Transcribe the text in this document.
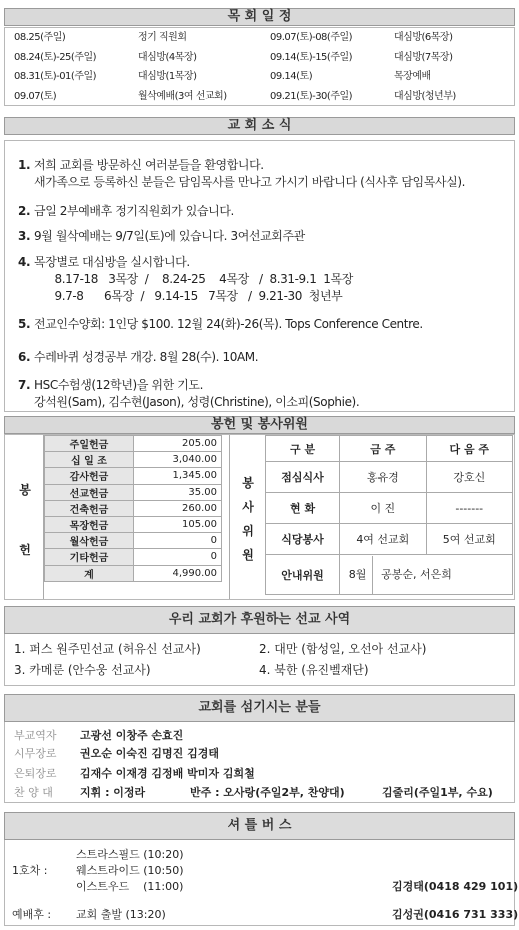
목 회 일 정
08.25(주일)	정기 직원회	09.07(토)-08(주일)	대심방(6목장)
08.24(토)-25(주일)	대심방(4목장)	09.14(토)-15(주일)	대심방(7목장)
08.31(토)-01(주일)	대심방(1목장)	09.14(토)	목장예배
09.07(토)	월삭예배(3여 선교회)	09.21(토)-30(주일)	대심방(청년부)
교 회 소 식
1. 저희 교회를 방문하신 여러분들을 환영합니다.
새가족으로 등록하신 분들은 담임목사를 만나고 가시기 바랍니다 (식사후 담임목사실).
2. 금일 2부예배후 정기직원회가 있습니다.
3. 9월 월삭예배는 9/7일(토)에 있습니다. 3여선교회주관
4. 목장별로 대심방을 실시합니다.
8.17-18   3목장  /    8.24-25    4목장   /  8.31-9.1  1목장
9.7-8      6목장  /   9.14-15   7목장   /  9.21-30  청년부
5. 전교인수양회: 1인당 $100. 12월 24(화)-26(목). Tops Conference Centre.
6. 수레바퀴 성경공부 개강. 8월 28(수). 10AM.
7. HSC수험생(12학년)을 위한 기도.
강석원(Sam), 김수현(Jason), 성령(Christine), 이소피(Sophie).
봉헌 및 봉사위원
봉
헌
주일헌금	205.00
십 일 조	3,040.00
감사헌금	1,345.00
선교헌금	35.00
건축헌금	260.00
목장헌금	105.00
월삭헌금	0
기타헌금	0
계	4,990.00
봉
사
위
원
구 분	금 주	다 음 주
점심식사	홍유경	강호신
현 화	이 진	-------
식당봉사	4여 선교회	5여 선교회
안내위원	8월 공봉순, 서은희	
우리 교회가 후원하는 선교 사역
1. 퍼스 원주민선교 (허유신 선교사)	2. 대만 (함성일, 오선아 선교사)
3. 카메룬 (안수웅 선교사)	4. 북한 (유진벨재단)
교회를 섬기시는 분들
부교역자 고광선 이창주 손효진
시무장로 권오순 이숙진 김명진 김경태
은퇴장로 김재수 이재경 김정배 박미자 김희철
찬 양 대 지휘 : 이정라	반주 : 오사랑(주일2부, 찬양대)	김줄리(주일1부, 수요)
셔 틀 버 스
1호차 :
스트라스필드 (10:20)
웨스트라이드 (10:50)
이스트우드    (11:00)	김경태(0418 429 101)
예배후 : 교회 출발 (13:20)	김성권(0416 731 333)
